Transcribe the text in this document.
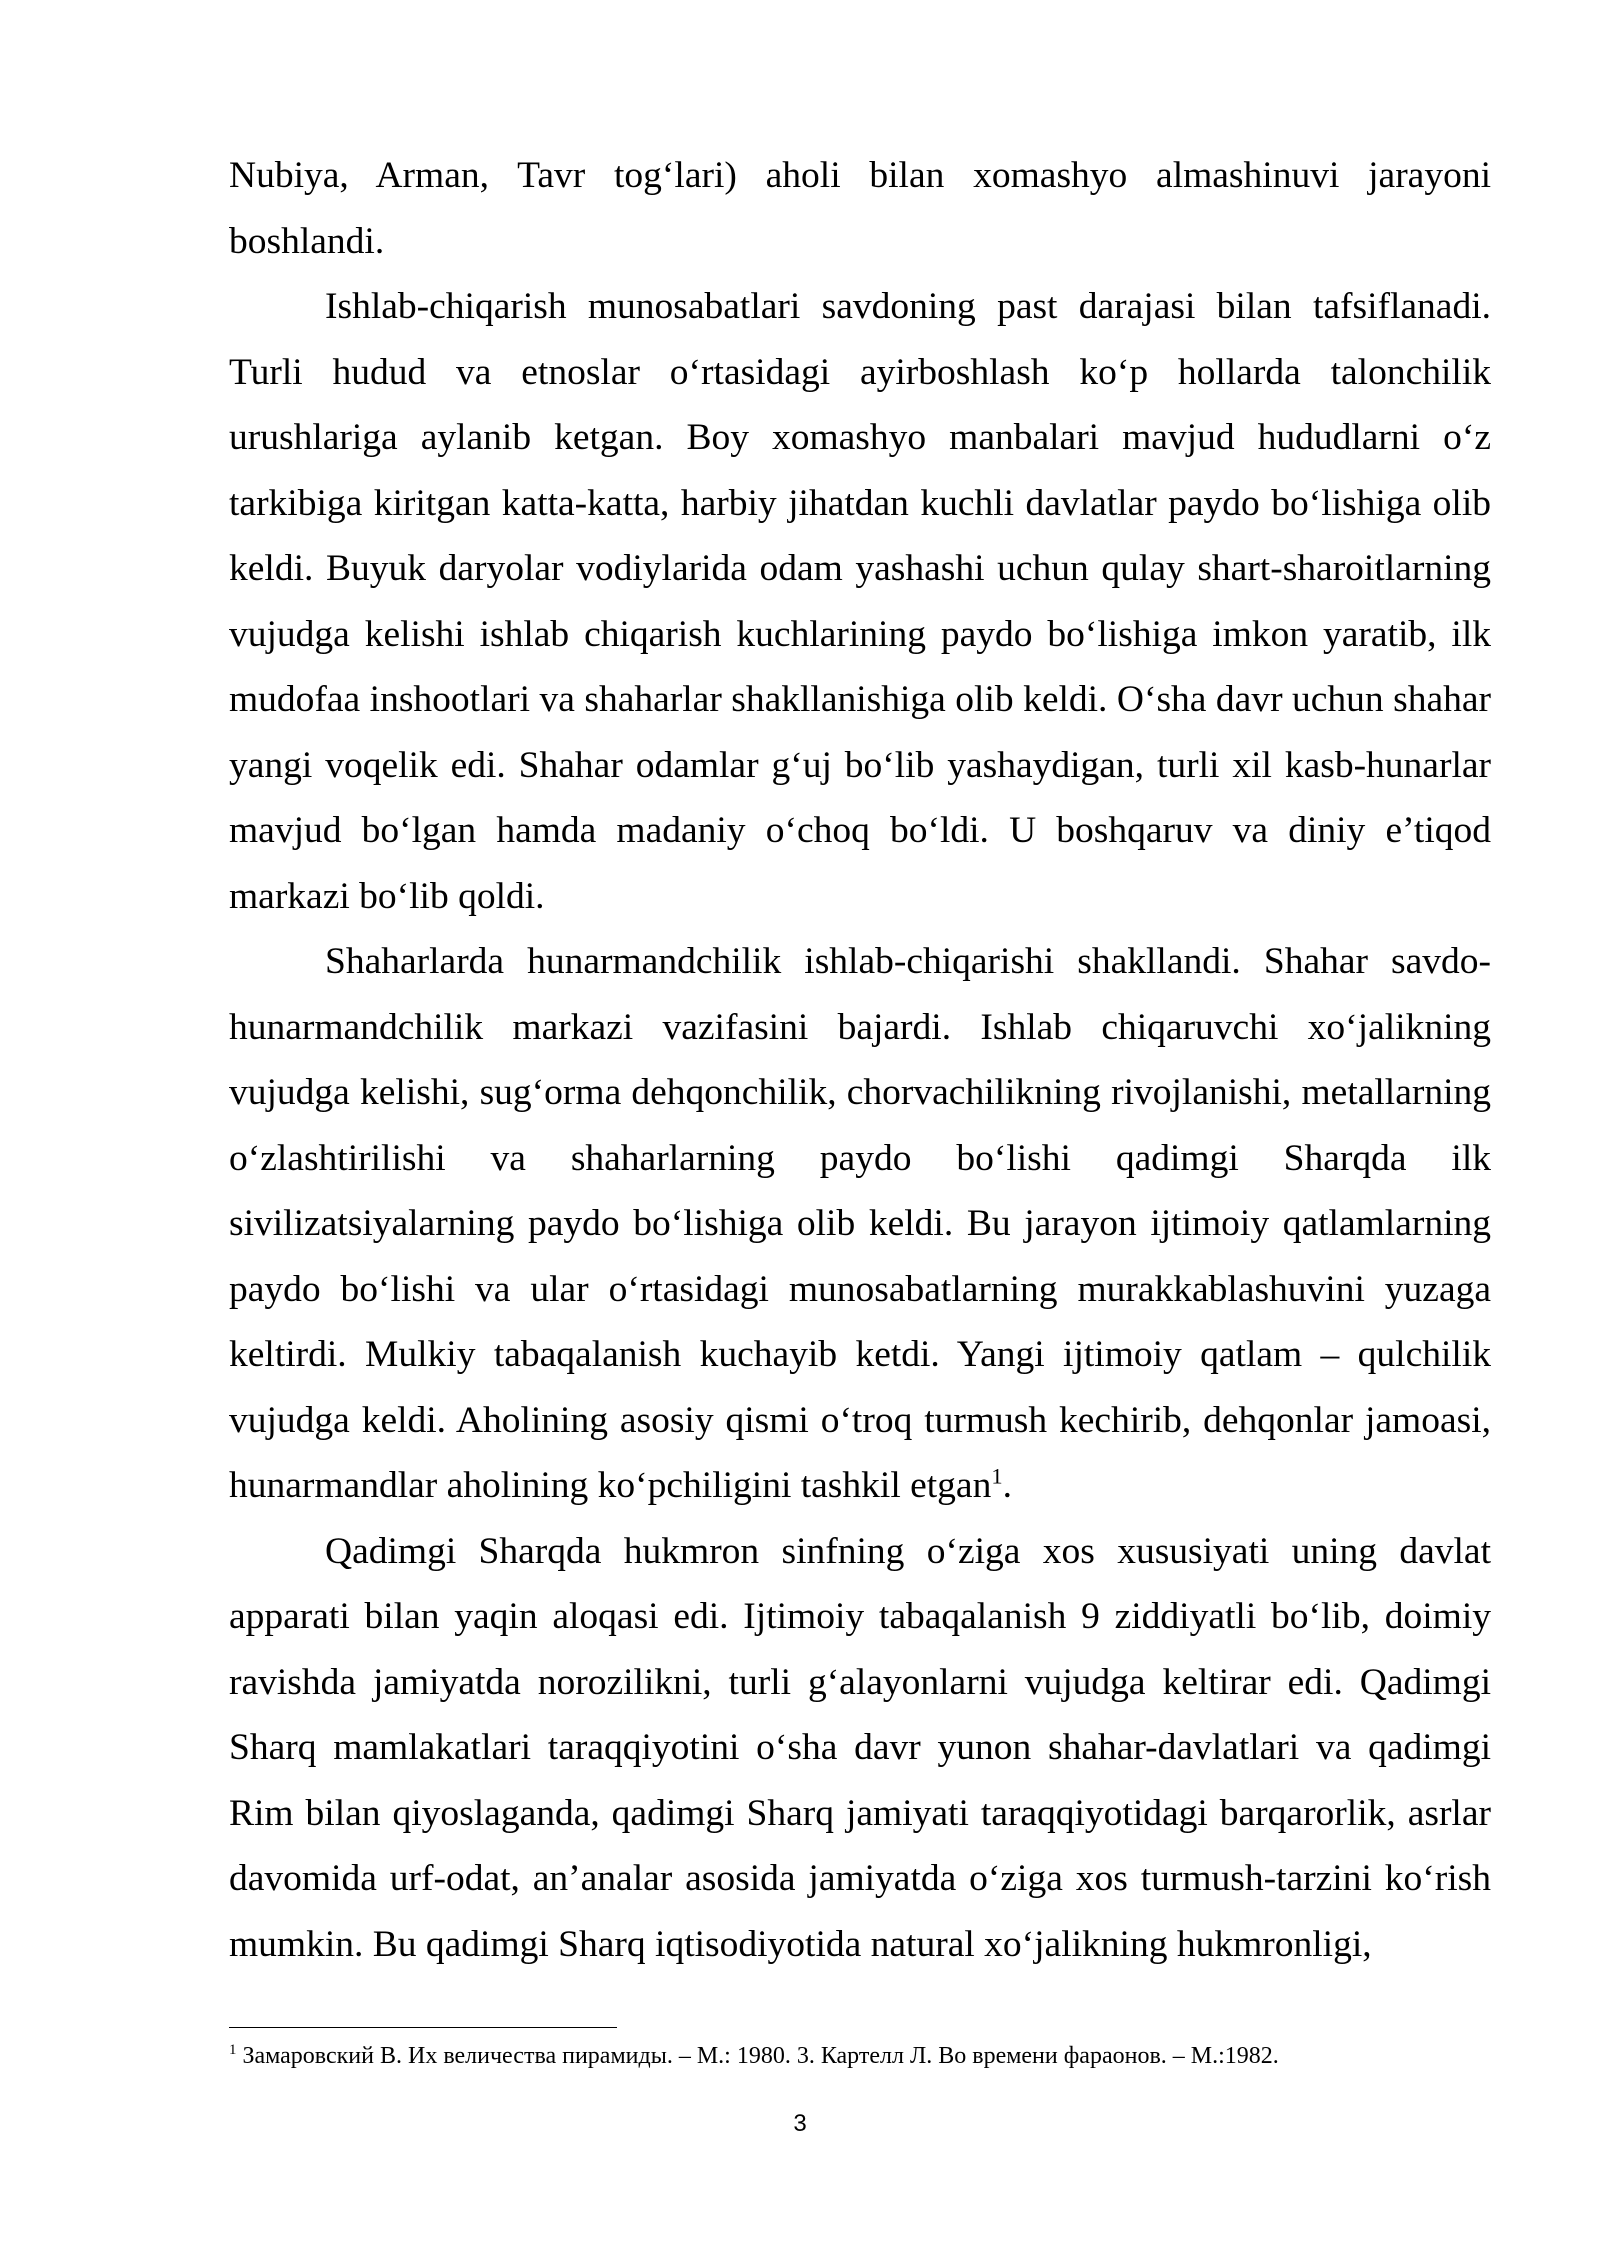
Nubiya, Arman, Tavr tog‘lari) aholi bilan xomashyo almashinuvi jarayoni boshlandi.

Ishlab-chiqarish munosabatlari savdoning past darajasi bilan tafsiflanadi. Turli hudud va etnoslar o‘rtasidagi ayirboshlash ko‘p hollarda talonchilik urushlariga aylanib ketgan. Boy xomashyo manbalari mavjud hududlarni o‘z tarkibiga kiritgan katta-katta, harbiy jihatdan kuchli davlatlar paydo bo‘lishiga olib keldi. Buyuk daryolar vodiylarida odam yashashi uchun qulay shart-sharoitlarning vujudga kelishi ishlab chiqarish kuchlarining paydo bo‘lishiga imkon yaratib, ilk mudofaa inshootlari va shaharlar shakllanishiga olib keldi. O‘sha davr uchun shahar yangi voqelik edi. Shahar odamlar g‘uj bo‘lib yashaydigan, turli xil kasb-hunarlar mavjud bo‘lgan hamda madaniy o‘choq bo‘ldi. U boshqaruv va diniy e’tiqod markazi bo‘lib qoldi.

Shaharlarda hunarmandchilik ishlab-chiqarishi shakllandi. Shahar savdo-hunarmandchilik markazi vazifasini bajardi. Ishlab chiqaruvchi xo‘jalikning vujudga kelishi, sug‘orma dehqonchilik, chorvachilikning rivojlanishi, metallarning o‘zlashtirilishi va shaharlarning paydo bo‘lishi qadimgi Sharqda ilk sivilizatsiyalarning paydo bo‘lishiga olib keldi. Bu jarayon ijtimoiy qatlamlarning paydo bo‘lishi va ular o‘rtasidagi munosabatlarning murakkablashuvini yuzaga keltirdi. Mulkiy tabaqalanish kuchayib ketdi. Yangi ijtimoiy qatlam – qulchilik vujudga keldi. Aholining asosiy qismi o‘troq turmush kechirib, dehqonlar jamoasi, hunarmandlar aholining ko‘pchiligini tashkil etgan$^1$.

Qadimgi Sharqda hukmron sinfning o‘ziga xos xususiyati uning davlat apparati bilan yaqin aloqasi edi. Ijtimoiy tabaqalanish 9 ziddiyatli bo‘lib, doimiy ravishda jamiyatda norozilikni, turli g‘alayonlarni vujudga keltirar edi. Qadimgi Sharq mamlakatlari taraqqiyotini o‘sha davr yunon shahar-davlatlari va qadimgi Rim bilan qiyoslaganda, qadimgi Sharq jamiyati taraqqiyotidagi barqarorlik, asrlar davomida urf-odat, an’analar asosida jamiyatda o‘ziga xos turmush-tarzini ko‘rish mumkin. Bu qadimgi Sharq iqtisodiyotida natural xo‘jalikning hukmronligi,

$^1$ Замаровский В. Их величества пирамиды. – М.: 1980. 3. Картелл Л. Во времени фараонов. – М.:1982.
3
